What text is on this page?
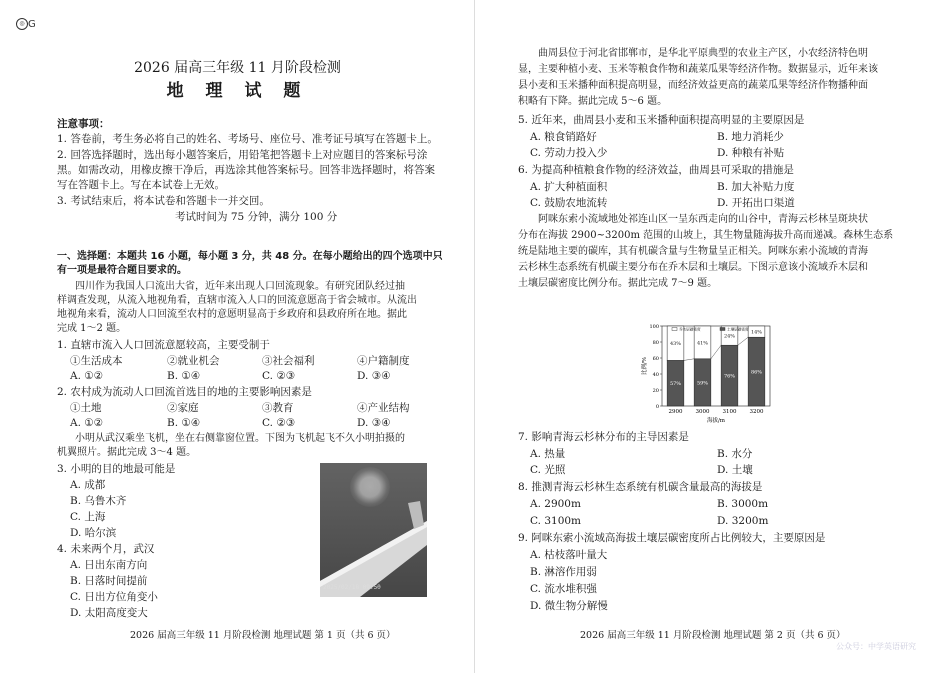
◎ G
2026 届高三年级 11 月阶段检测
地 理 试 题
注意事项：
1. 答卷前，考生务必将自己的姓名、考场号、座位号、准考证号填写在答题卡上。
2. 回答选择题时，选出每小题答案后，用铅笔把答题卡上对应题目的答案标号涂
黑。如需改动，用橡皮擦干净后，再选涂其他答案标号。回答非选择题时，将答案
写在答题卡上。写在本试卷上无效。
3. 考试结束后，将本试卷和答题卡一并交回。
考试时间为 75 分钟，满分 100 分
一、选择题：本题共 16 小题，每小题 3 分，共 48 分。在每小题给出的四个选项中只
有一项是最符合题目要求的。
四川作为我国人口流出大省，近年来出现人口回流现象。有研究团队经过抽
样调查发现，从流入地视角看，直辖市流入人口的回流意愿高于省会城市。从流出
地视角来看，流动人口回流至农村的意愿明显高于乡政府和县政府所在地。据此
完成 1～2 题。
1. 直辖市流入人口回流意愿较高，主要受制于
①生活成本	②就业机会	③社会福利	④户籍制度
A. ①②	B. ①④	C. ②③	D. ③④
2. 农村成为流动人口回流首选目的地的主要影响因素是
①土地	②家庭	③教育	④产业结构
A. ①②	B. ①④	C. ②③	D. ③④
小明从武汉乘坐飞机，坐在右侧靠窗位置。下图为飞机起飞不久小明拍摄的
机翼照片。据此完成 3～4 题。
3. 小明的目的地最可能是
A. 成都
B. 乌鲁木齐
C. 上海
D. 哈尔滨
4. 未来两个月，武汉
A. 日出东南方向
B. 日落时间提前
C. 日出方位角变小
D. 太阳高度变大
2025/02/18 09:50
2026 届高三年级 11 月阶段检测 地理试题 第 1 页（共 6 页）
曲周县位于河北省邯郸市，是华北平原典型的农业主产区，小农经济特色明
显，主要种植小麦、玉米等粮食作物和蔬菜瓜果等经济作物。数据显示，近年来该
县小麦和玉米播种面积提高明显，而经济效益更高的蔬菜瓜果等经济作物播种面
积略有下降。据此完成 5～6 题。
5. 近年来，曲周县小麦和玉米播种面积提高明显的主要原因是
A. 粮食销路好	B. 地力消耗少
C. 劳动力投入少	D. 种粮有补贴
6. 为提高种植粮食作物的经济效益，曲周县可采取的措施是
A. 扩大种植面积	B. 加大补贴力度
C. 鼓励农地流转	D. 开拓出口渠道
阿咪东索小流域地处祁连山区一呈东西走向的山谷中，青海云杉林呈斑块状
分布在海拔 2900~3200m 范围的山坡上，其生物量随海拔升高而递减。森林生态系
统是陆地主要的碳库，其有机碳含量与生物量呈正相关。阿咪东索小流域的青海
云杉林生态系统有机碳主要分布在乔木层和土壤层。下图示意该小流域乔木层和
土壤层碳密度比例分布。据此完成 7～9 题。
7. 影响青海云杉林分布的主导因素是
A. 热量	B. 水分
C. 光照	D. 土壤
8. 推测青海云杉林生态系统有机碳含量最高的海拔是
A. 2900m	B. 3000m
C. 3100m	D. 3200m
9. 阿咪东索小流域高海拔土壤层碳密度所占比例较大，主要原因是
A. 枯枝落叶量大
B. 淋溶作用弱
C. 流水堆积强
D. 微生物分解慢
2026 届高三年级 11 月阶段检测 地理试题 第 2 页（共 6 页）
0
20
40
60
80
100
比例/%
57%
43%
2900
59%
41%
3000
76%
24%
3100
86%
14%
3200
海拔/m
乔木层碳密度	土壤层碳密度
公众号：中学英语研究
